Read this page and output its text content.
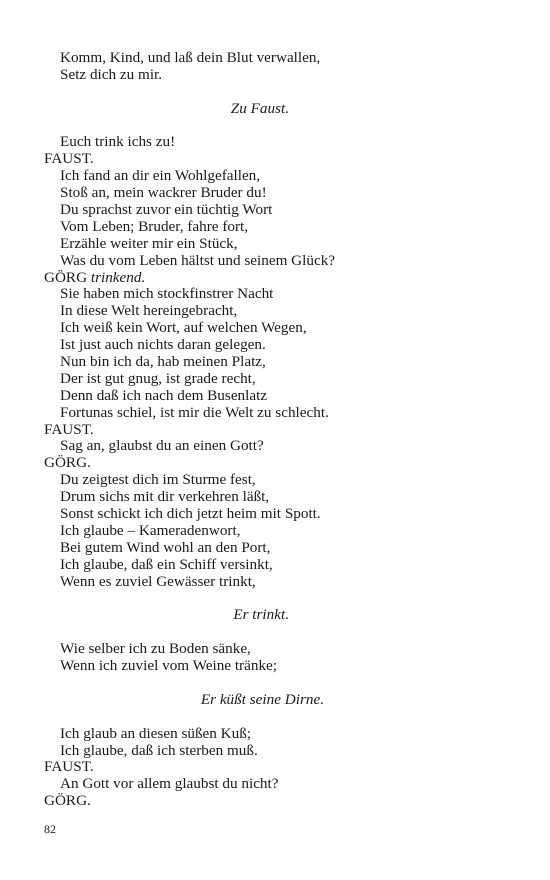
Komm, Kind, und laß dein Blut verwallen,
Setz dich zu mir.
Zu Faust.
Euch trink ichs zu!
FAUST.
Ich fand an dir ein Wohlgefallen,
Stoß an, mein wackrer Bruder du!
Du sprachst zuvor ein tüchtig Wort
Vom Leben; Bruder, fahre fort,
Erzähle weiter mir ein Stück,
Was du vom Leben hältst und seinem Glück?
GÖRG trinkend.
Sie haben mich stockfinstrer Nacht
In diese Welt hereingebracht,
Ich weiß kein Wort, auf welchen Wegen,
Ist just auch nichts daran gelegen.
Nun bin ich da, hab meinen Platz,
Der ist gut gnug, ist grade recht,
Denn daß ich nach dem Busenlatz
Fortunas schiel, ist mir die Welt zu schlecht.
FAUST.
Sag an, glaubst du an einen Gott?
GÖRG.
Du zeigtest dich im Sturme fest,
Drum sichs mit dir verkehren läßt,
Sonst schickt ich dich jetzt heim mit Spott.
Ich glaube – Kameradenwort,
Bei gutem Wind wohl an den Port,
Ich glaube, daß ein Schiff versinkt,
Wenn es zuviel Gewässer trinkt,
Er trinkt.
Wie selber ich zu Boden sänke,
Wenn ich zuviel vom Weine tränke;
Er küßt seine Dirne.
Ich glaub an diesen süßen Kuß;
Ich glaube, daß ich sterben muß.
FAUST.
An Gott vor allem glaubst du nicht?
GÖRG.
82
